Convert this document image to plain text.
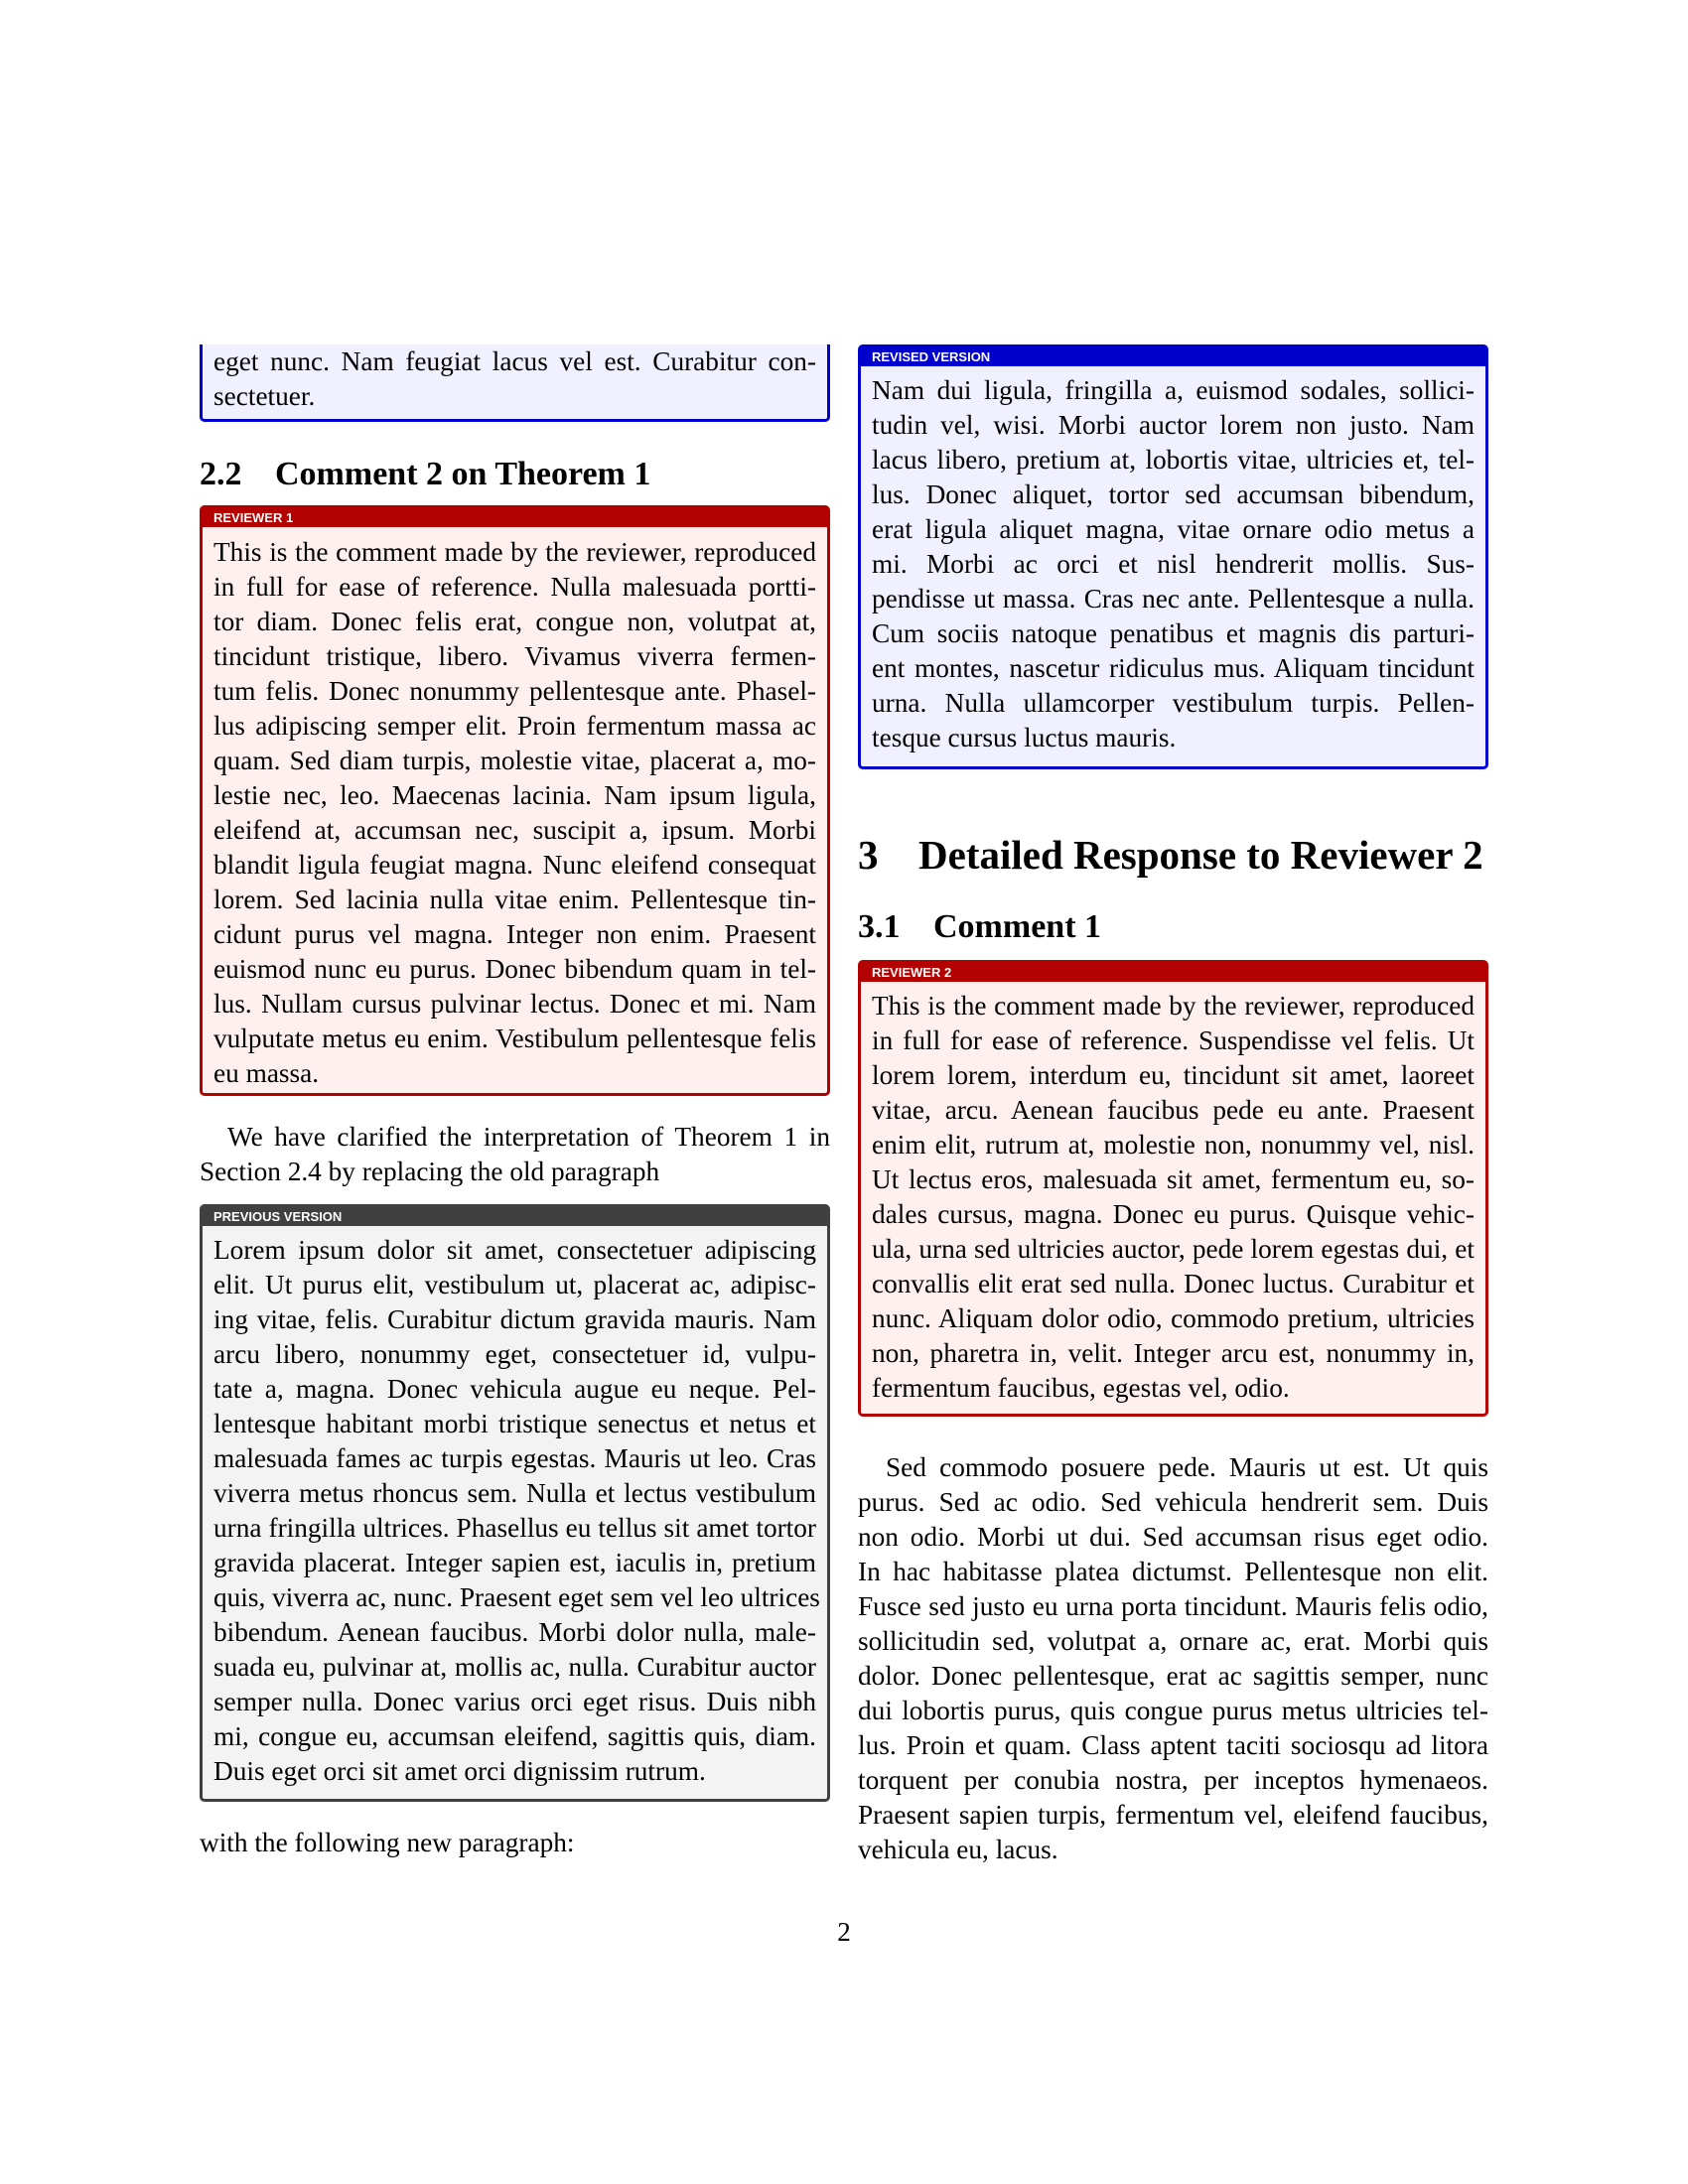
eget nunc. Nam feugiat lacus vel est. Curabitur con-
sectetuer.
2.2 Comment 2 on Theorem 1
REVIEWER 1
This is the comment made by the reviewer, reproduced
in full for ease of reference. Nulla malesuada portti-
tor diam. Donec felis erat, congue non, volutpat at,
tincidunt tristique, libero. Vivamus viverra fermen-
tum felis. Donec nonummy pellentesque ante. Phasel-
lus adipiscing semper elit. Proin fermentum massa ac
quam. Sed diam turpis, molestie vitae, placerat a, mo-
lestie nec, leo. Maecenas lacinia. Nam ipsum ligula,
eleifend at, accumsan nec, suscipit a, ipsum. Morbi
blandit ligula feugiat magna. Nunc eleifend consequat
lorem. Sed lacinia nulla vitae enim. Pellentesque tin-
cidunt purus vel magna. Integer non enim. Praesent
euismod nunc eu purus. Donec bibendum quam in tel-
lus. Nullam cursus pulvinar lectus. Donec et mi. Nam
vulputate metus eu enim. Vestibulum pellentesque felis
eu massa.
We have clarified the interpretation of Theorem 1 in
Section 2.4 by replacing the old paragraph
PREVIOUS VERSION
Lorem ipsum dolor sit amet, consectetuer adipiscing
elit. Ut purus elit, vestibulum ut, placerat ac, adipisc-
ing vitae, felis. Curabitur dictum gravida mauris. Nam
arcu libero, nonummy eget, consectetuer id, vulpu-
tate a, magna. Donec vehicula augue eu neque. Pel-
lentesque habitant morbi tristique senectus et netus et
malesuada fames ac turpis egestas. Mauris ut leo. Cras
viverra metus rhoncus sem. Nulla et lectus vestibulum
urna fringilla ultrices. Phasellus eu tellus sit amet tortor
gravida placerat. Integer sapien est, iaculis in, pretium
quis, viverra ac, nunc. Praesent eget sem vel leo ultrices
bibendum. Aenean faucibus. Morbi dolor nulla, male-
suada eu, pulvinar at, mollis ac, nulla. Curabitur auctor
semper nulla. Donec varius orci eget risus. Duis nibh
mi, congue eu, accumsan eleifend, sagittis quis, diam.
Duis eget orci sit amet orci dignissim rutrum.
with the following new paragraph:
REVISED VERSION
Nam dui ligula, fringilla a, euismod sodales, sollici-
tudin vel, wisi. Morbi auctor lorem non justo. Nam
lacus libero, pretium at, lobortis vitae, ultricies et, tel-
lus. Donec aliquet, tortor sed accumsan bibendum,
erat ligula aliquet magna, vitae ornare odio metus a
mi. Morbi ac orci et nisl hendrerit mollis. Sus-
pendisse ut massa. Cras nec ante. Pellentesque a nulla.
Cum sociis natoque penatibus et magnis dis parturi-
ent montes, nascetur ridiculus mus. Aliquam tincidunt
urna. Nulla ullamcorper vestibulum turpis. Pellen-
tesque cursus luctus mauris.
3 Detailed Response to Reviewer 2
3.1 Comment 1
REVIEWER 2
This is the comment made by the reviewer, reproduced
in full for ease of reference. Suspendisse vel felis. Ut
lorem lorem, interdum eu, tincidunt sit amet, laoreet
vitae, arcu. Aenean faucibus pede eu ante. Praesent
enim elit, rutrum at, molestie non, nonummy vel, nisl.
Ut lectus eros, malesuada sit amet, fermentum eu, so-
dales cursus, magna. Donec eu purus. Quisque vehic-
ula, urna sed ultricies auctor, pede lorem egestas dui, et
convallis elit erat sed nulla. Donec luctus. Curabitur et
nunc. Aliquam dolor odio, commodo pretium, ultricies
non, pharetra in, velit. Integer arcu est, nonummy in,
fermentum faucibus, egestas vel, odio.
Sed commodo posuere pede. Mauris ut est. Ut quis
purus. Sed ac odio. Sed vehicula hendrerit sem. Duis
non odio. Morbi ut dui. Sed accumsan risus eget odio.
In hac habitasse platea dictumst. Pellentesque non elit.
Fusce sed justo eu urna porta tincidunt. Mauris felis odio,
sollicitudin sed, volutpat a, ornare ac, erat. Morbi quis
dolor. Donec pellentesque, erat ac sagittis semper, nunc
dui lobortis purus, quis congue purus metus ultricies tel-
lus. Proin et quam. Class aptent taciti sociosqu ad litora
torquent per conubia nostra, per inceptos hymenaeos.
Praesent sapien turpis, fermentum vel, eleifend faucibus,
vehicula eu, lacus.
2
